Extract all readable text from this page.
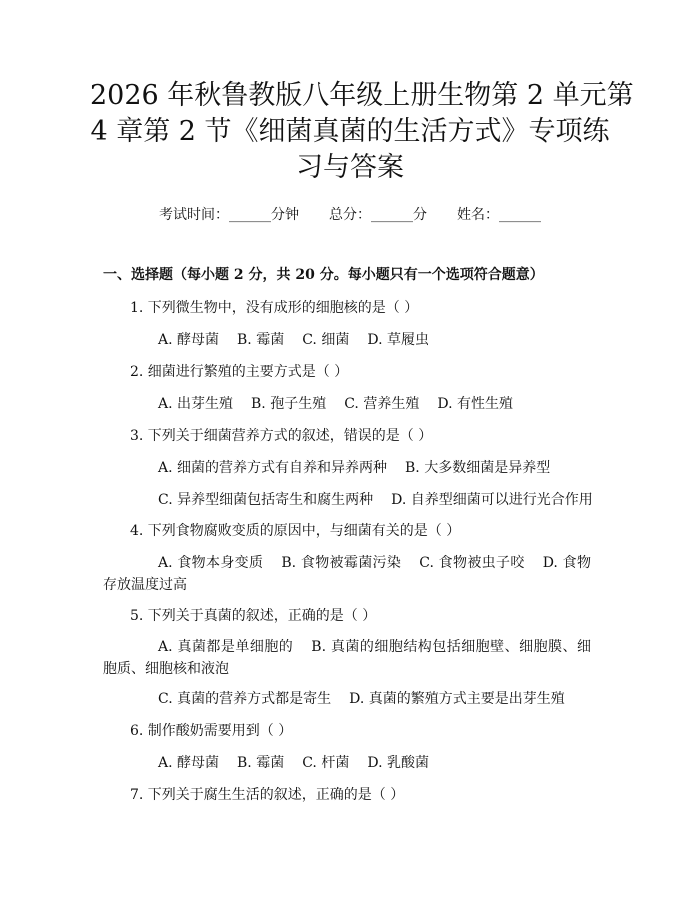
2026 年秋鲁教版八年级上册生物第 2 单元第
4 章第 2 节《细菌真菌的生活方式》专项练
习与答案
考试时间：______分钟 总分：______分 姓名：______
一、选择题（每小题 2 分，共 20 分。每小题只有一个选项符合题意）
1. 下列微生物中，没有成形的细胞核的是（ ）
A. 酵母菌 B. 霉菌 C. 细菌 D. 草履虫
2. 细菌进行繁殖的主要方式是（ ）
A. 出芽生殖 B. 孢子生殖 C. 营养生殖 D. 有性生殖
3. 下列关于细菌营养方式的叙述，错误的是（ ）
A. 细菌的营养方式有自养和异养两种 B. 大多数细菌是异养型
C. 异养型细菌包括寄生和腐生两种 D. 自养型细菌可以进行光合作用
4. 下列食物腐败变质的原因中，与细菌有关的是（ ）
A. 食物本身变质 B. 食物被霉菌污染 C. 食物被虫子咬 D. 食物存放温度过高
5. 下列关于真菌的叙述，正确的是（ ）
A. 真菌都是单细胞的 B. 真菌的细胞结构包括细胞壁、细胞膜、细胞质、细胞核和液泡
C. 真菌的营养方式都是寄生 D. 真菌的繁殖方式主要是出芽生殖
6. 制作酸奶需要用到（ ）
A. 酵母菌 B. 霉菌 C. 杆菌 D. 乳酸菌
7. 下列关于腐生生活的叙述，正确的是（ ）
